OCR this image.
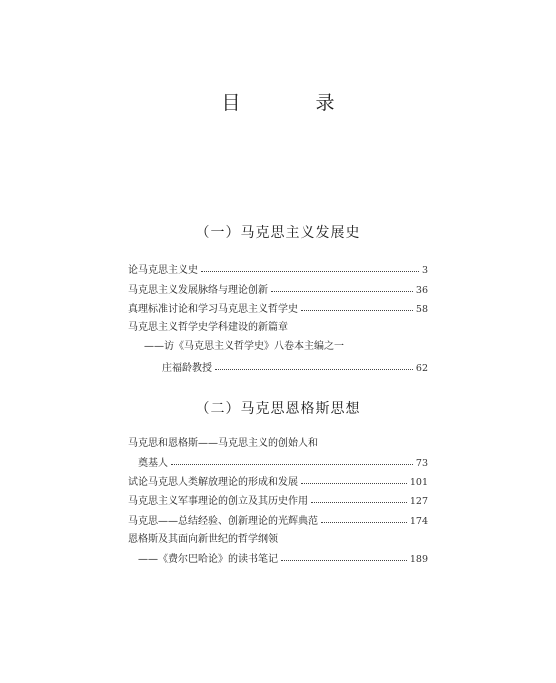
目　录
（一）马克思主义发展史
论马克思主义史	3
马克思主义发展脉络与理论创新	36
真理标准讨论和学习马克思主义哲学史	58
马克思主义哲学史学科建设的新篇章
——访《马克思主义哲学史》八卷本主编之一
庄福龄教授	62
（二）马克思恩格斯思想
马克思和恩格斯——马克思主义的创始人和
奠基人	73
试论马克思人类解放理论的形成和发展	101
马克思主义军事理论的创立及其历史作用	127
马克思——总结经验、创新理论的光辉典范	174
恩格斯及其面向新世纪的哲学纲领
——《费尔巴哈论》的读书笔记	189
